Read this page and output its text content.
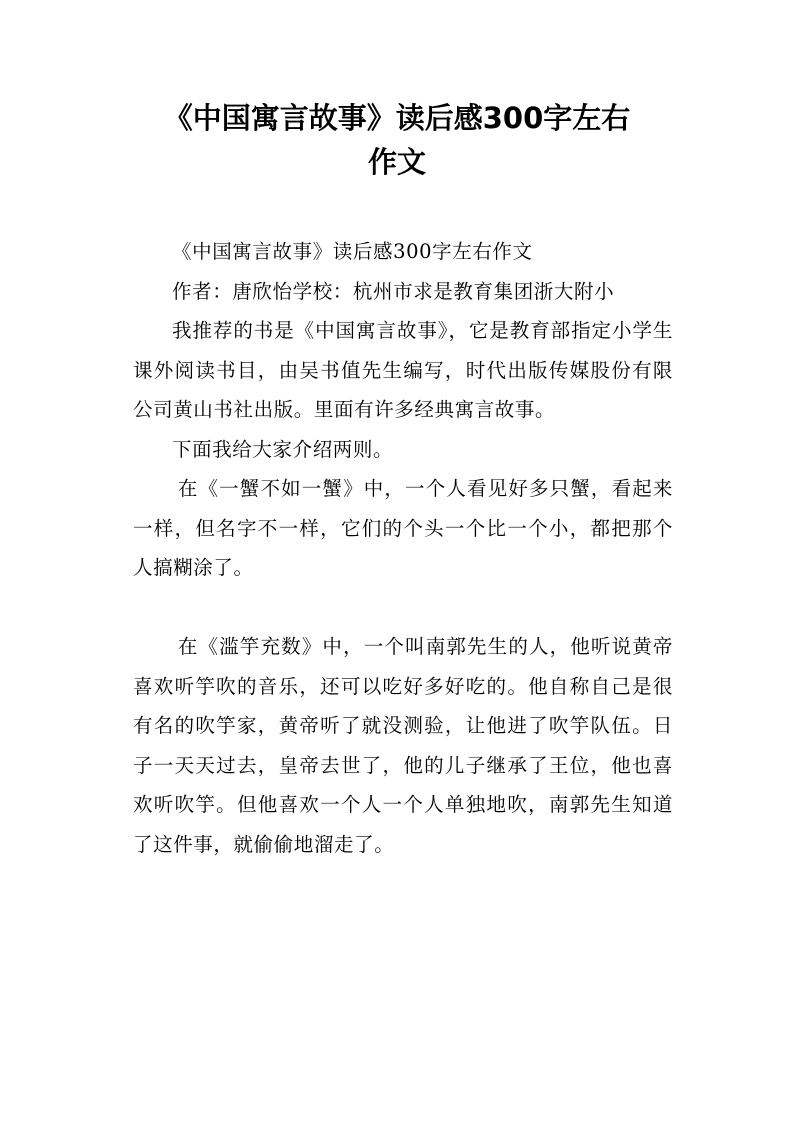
《中国寓言故事》读后感300字左右
作文

《中国寓言故事》读后感300字左右作文

作者：唐欣怡学校：杭州市求是教育集团浙大附小

我推荐的书是《中国寓言故事》，它是教育部指定小学生课外阅读书目，由吴书值先生编写，时代出版传媒股份有限公司黄山书社出版。里面有许多经典寓言故事。

下面我给大家介绍两则。

在《一蟹不如一蟹》中，一个人看见好多只蟹，看起来一样，但名字不一样，它们的个头一个比一个小，都把那个人搞糊涂了。

在《滥竽充数》中，一个叫南郭先生的人，他听说黄帝喜欢听竽吹的音乐，还可以吃好多好吃的。他自称自己是很有名的吹竽家，黄帝听了就没测验，让他进了吹竽队伍。日子一天天过去，皇帝去世了，他的儿子继承了王位，他也喜欢听吹竽。但他喜欢一个人一个人单独地吹，南郭先生知道了这件事，就偷偷地溜走了。
